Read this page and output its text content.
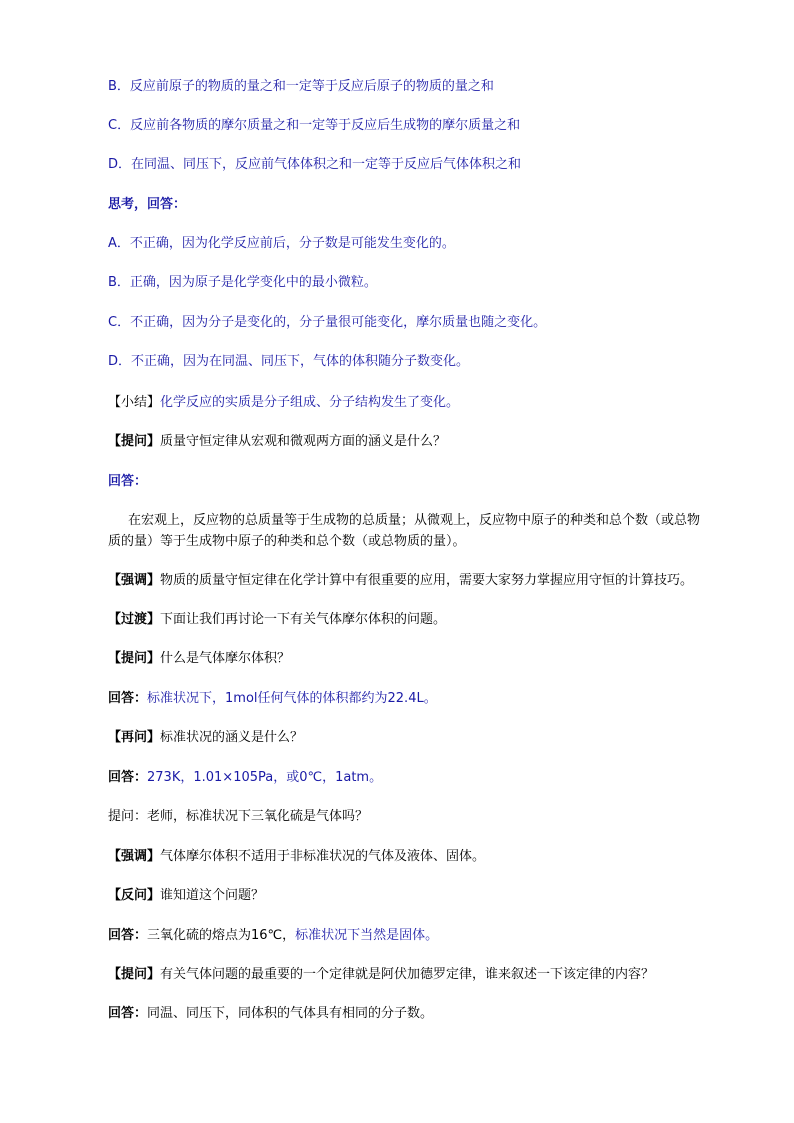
B．反应前原子的物质的量之和一定等于反应后原子的物质的量之和
C．反应前各物质的摩尔质量之和一定等于反应后生成物的摩尔质量之和
D．在同温、同压下，反应前气体体积之和一定等于反应后气体体积之和
思考，回答：
A．不正确，因为化学反应前后，分子数是可能发生变化的。
B．正确，因为原子是化学变化中的最小微粒。
C．不正确，因为分子是变化的，分子量很可能变化，摩尔质量也随之变化。
D．不正确，因为在同温、同压下，气体的体积随分子数变化。
【小结】化学反应的实质是分子组成、分子结构发生了变化。
【提问】质量守恒定律从宏观和微观两方面的涵义是什么？
回答：
在宏观上，反应物的总质量等于生成物的总质量；从微观上，反应物中原子的种类和总个数（或总物
质的量）等于生成物中原子的种类和总个数（或总物质的量）。
【强调】物质的质量守恒定律在化学计算中有很重要的应用，需要大家努力掌握应用守恒的计算技巧。
【过渡】下面让我们再讨论一下有关气体摩尔体积的问题。
【提问】什么是气体摩尔体积？
回答：标准状况下，1mol任何气体的体积都约为22.4L。
【再问】标准状况的涵义是什么？
回答：273K，1.01×105Pa，或0℃，1atm。
提问：老师，标准状况下三氧化硫是气体吗？
【强调】气体摩尔体积不适用于非标准状况的气体及液体、固体。
【反问】谁知道这个问题？
回答：三氧化硫的熔点为16℃，标准状况下当然是固体。
【提问】有关气体问题的最重要的一个定律就是阿伏加德罗定律，谁来叙述一下该定律的内容？
回答：同温、同压下，同体积的气体具有相同的分子数。
